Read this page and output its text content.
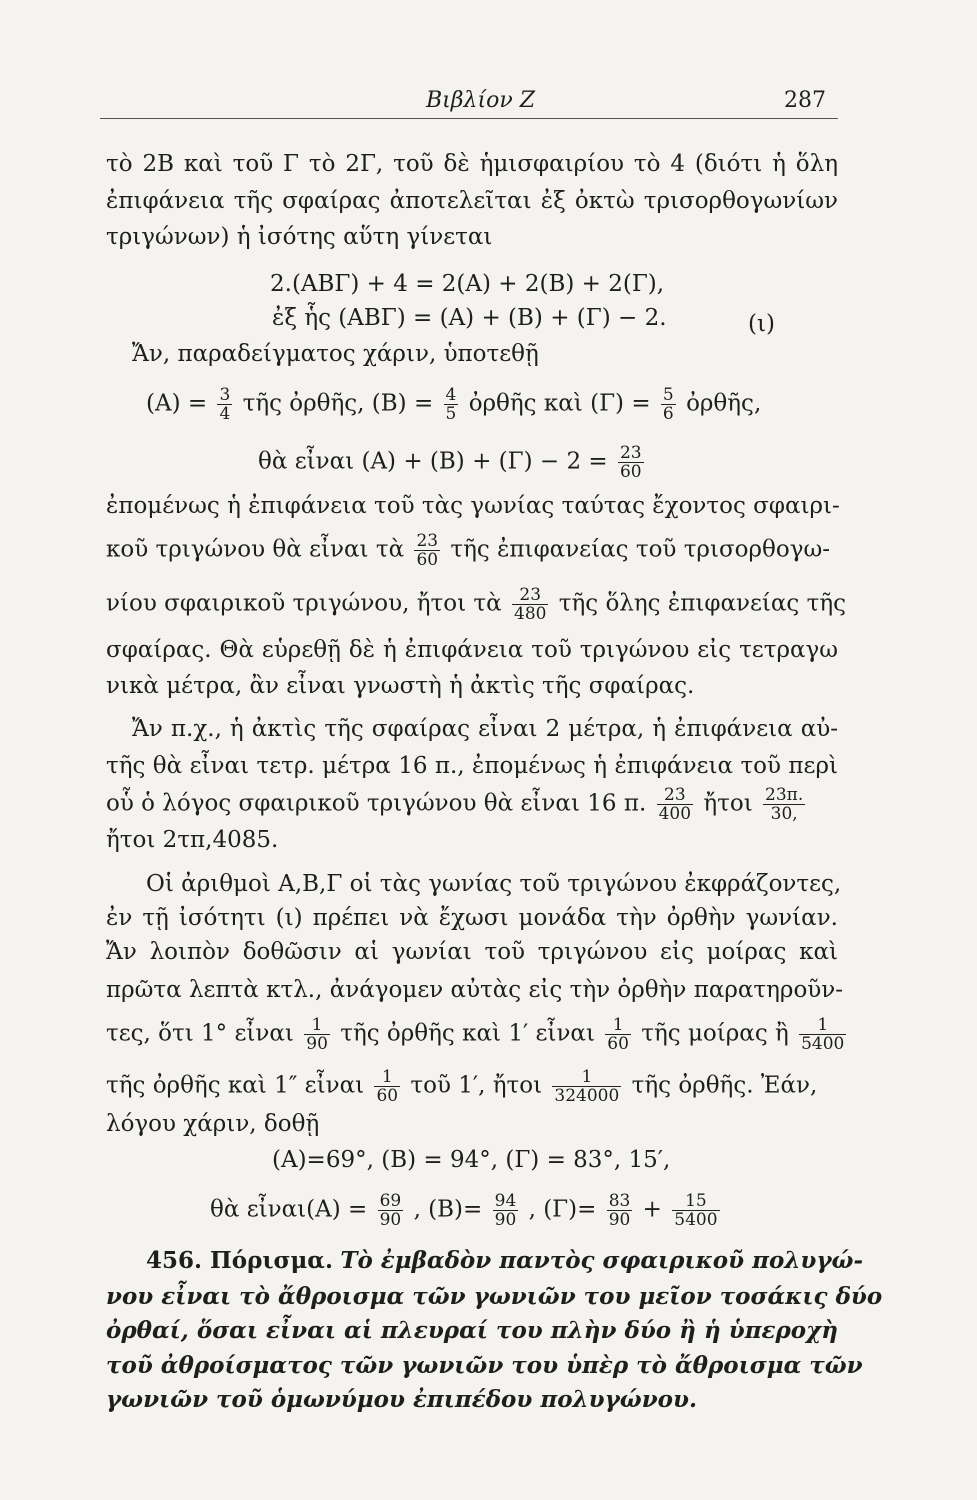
Βιβλίον Ζ	287
τὸ 2Β καὶ τοῦ Γ τὸ 2Γ, τοῦ δὲ ἡμισφαιρίου τὸ 4 (διότι ἡ ὅλη
ἐπιφάνεια τῆς σφαίρας ἀποτελεῖται ἐξ ὀκτὼ τρισορθογωνίων
τριγώνων) ἡ ἰσότης αὕτη γίνεται
2.(ΑΒΓ) + 4 = 2(Α) + 2(Β) + 2(Γ),
ἐξ ἧς (ΑΒΓ) = (Α) + (Β) + (Γ) − 2.	(ι)
Ἄν, παραδείγματος χάριν, ὑποτεθῇ
$(A) = \frac{3}{4}$ τῆς ὀρθῆς, $(B) = \frac{4}{5}$ ὀρθῆς καὶ $(\Gamma) = \frac{5}{6}$ ὀρθῆς,
θὰ εἶναι $(A) + (B) + (\Gamma) - 2 = \frac{23}{60}$
ἐπομένως ἡ ἐπιφάνεια τοῦ τὰς γωνίας ταύτας ἔχοντος σφαιρι-
κοῦ τριγώνου θὰ εἶναι τὰ $\frac{23}{60}$ τῆς ἐπιφανείας τοῦ τρισορθογω-
νίου σφαιρικοῦ τριγώνου, ἤτοι τὰ $\frac{23}{480}$ τῆς ὅλης ἐπιφανείας τῆς
σφαίρας. Θὰ εὑρεθῇ δὲ ἡ ἐπιφάνεια τοῦ τριγώνου εἰς τετραγω
νικὰ μέτρα, ἂν εἶναι γνωστὴ ἡ ἀκτὶς τῆς σφαίρας.
Ἄν π.χ., ἡ ἀκτὶς τῆς σφαίρας εἶναι 2 μέτρα, ἡ ἐπιφάνεια αὐ-
τῆς θὰ εἶναι τετρ. μέτρα 16 π., ἐπομένως ἡ ἐπιφάνεια τοῦ περὶ
οὗ ὁ λόγος σφαιρικοῦ τριγώνου θὰ εἶναι 16 π. $\frac{23}{400}$ ἤτοι $\frac{23\pi.}{30,}$
ἤτοι 2τπ,4085.
Οἱ ἀριθμοὶ Α,Β,Γ οἱ τὰς γωνίας τοῦ τριγώνου ἐκφράζοντες,
ἐν τῇ ἰσότητι (ι) πρέπει νὰ ἔχωσι μονάδα τὴν ὀρθὴν γωνίαν.
Ἄν λοιπὸν δοθῶσιν αἱ γωνίαι τοῦ τριγώνου εἰς μοίρας καὶ
πρῶτα λεπτὰ κτλ., ἀνάγομεν αὐτὰς εἰς τὴν ὀρθὴν παρατηροῦν-
τες, ὅτι 1° εἶναι $\frac{1}{90}$ τῆς ὀρθῆς καὶ 1′ εἶναι $\frac{1}{60}$ τῆς μοίρας ἢ $\frac{1}{5400}$
τῆς ὀρθῆς καὶ 1″ εἶναι $\frac{1}{60}$ τοῦ 1′, ἤτοι $\frac{1}{324000}$ τῆς ὀρθῆς. Ἐάν,
λόγου χάριν, δοθῇ
(Α)=69°, (Β) = 94°, (Γ) = 83°, 15′,
θὰ εἶναι(Α) = $\frac{69}{90}$ , $(B)= \frac{94}{90}$ , $(\Gamma)= \frac{83}{90} + \frac{15}{5400}$
456. Πόρισμα. Τὸ ἐμβαδὸν παντὸς σφαιρικοῦ πολυγώ-
νου εἶναι τὸ ἄθροισμα τῶν γωνιῶν του μεῖον τοσάκις δύο
ὀρθαί, ὅσαι εἶναι αἱ πλευραί του πλὴν δύο ἢ ἡ ὑπεροχὴ
τοῦ ἀθροίσματος τῶν γωνιῶν του ὑπὲρ τὸ ἄθροισμα τῶν
γωνιῶν τοῦ ὁμωνύμου ἐπιπέδου πολυγώνου.
